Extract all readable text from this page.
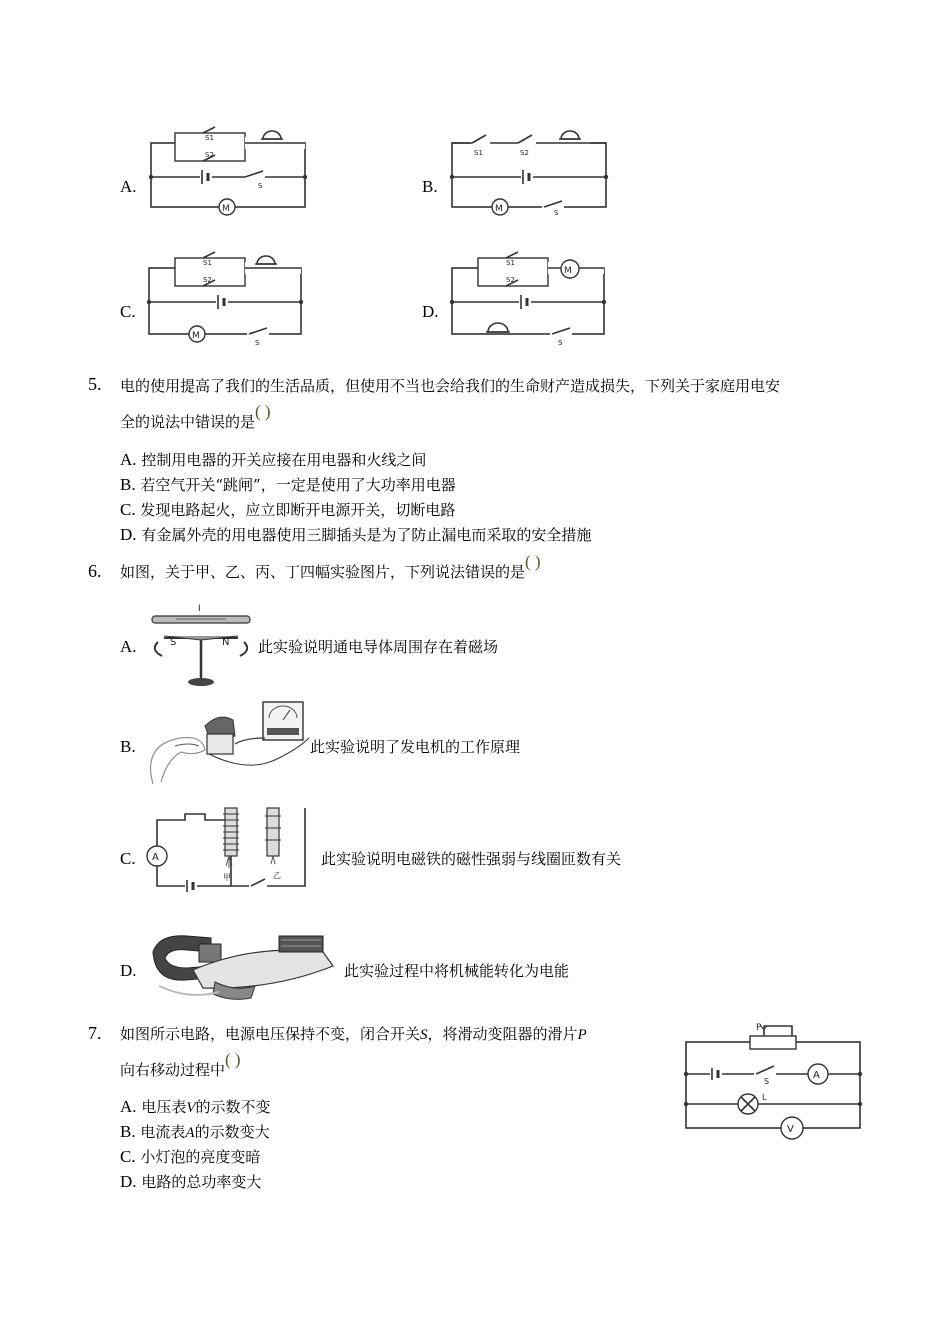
A.
S1
S2
S
M
B.
S1	S2
M	S
C.
S1
S2
M
S
D.
M
S1
S2
S
5. 电的使用提高了我们的生活品质，但使用不当也会给我们的生命财产造成损失，下列关于家庭用电安
全的说法中错误的是( )
A. 控制用电器的开关应接在用电器和火线之间
B. 若空气开关“跳闸”，一定是使用了大功率用电器
C. 发现电路起火，应立即断开电源开关，切断电路
D. 有金属外壳的用电器使用三脚插头是为了防止漏电而采取的安全措施
6. 如图，关于甲、乙、丙、丁四幅实验图片，下列说法错误的是( )
A.
I
S	N 此实验说明通电导体周围存在着磁场
B.	此实验说明了发电机的工作原理
C. A
甲	乙
此实验说明电磁铁的磁性强弱与线圈匝数有关
D.	此实验过程中将机械能转化为电能
7. 如图所示电路，电源电压保持不变，闭合开关S，将滑动变阻器的滑片P
向右移动过程中( )
A. 电压表V的示数不变
B. 电流表A的示数变大
C. 小灯泡的亮度变暗
D. 电路的总功率变大
P
S
A
L
V
